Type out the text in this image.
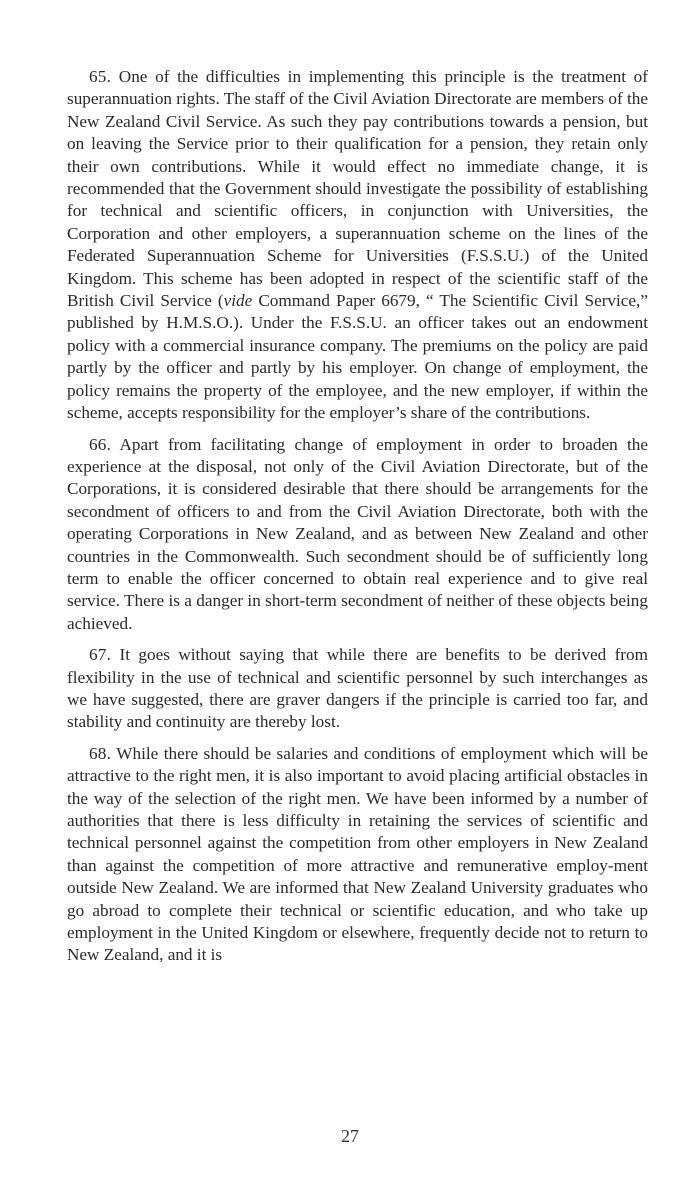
65. One of the difficulties in implementing this principle is the treatment of superannuation rights. The staff of the Civil Aviation Directorate are members of the New Zealand Civil Service. As such they pay contributions towards a pension, but on leaving the Service prior to their qualification for a pension, they retain only their own contributions. While it would effect no immediate change, it is recommended that the Government should investigate the possibility of establishing for technical and scientific officers, in conjunction with Universities, the Corporation and other employers, a superannuation scheme on the lines of the Federated Superannuation Scheme for Universities (F.S.S.U.) of the United Kingdom. This scheme has been adopted in respect of the scientific staff of the British Civil Service (vide Command Paper 6679, “ The Scientific Civil Service,” published by H.M.S.O.). Under the F.S.S.U. an officer takes out an endowment policy with a commercial insurance company. The premiums on the policy are paid partly by the officer and partly by his employer. On change of employment, the policy remains the property of the employee, and the new employer, if within the scheme, accepts responsibility for the employer’s share of the contributions.

66. Apart from facilitating change of employment in order to broaden the experience at the disposal, not only of the Civil Aviation Directorate, but of the Corporations, it is considered desirable that there should be arrangements for the secondment of officers to and from the Civil Aviation Directorate, both with the operating Corporations in New Zealand, and as between New Zealand and other countries in the Commonwealth. Such secondment should be of sufficiently long term to enable the officer concerned to obtain real experience and to give real service. There is a danger in short-term secondment of neither of these objects being achieved.

67. It goes without saying that while there are benefits to be derived from flexibility in the use of technical and scientific personnel by such interchanges as we have suggested, there are graver dangers if the principle is carried too far, and stability and continuity are thereby lost.

68. While there should be salaries and conditions of employment which will be attractive to the right men, it is also important to avoid placing artificial obstacles in the way of the selection of the right men. We have been informed by a number of authorities that there is less difficulty in retaining the services of scientific and technical personnel against the competition from other employers in New Zealand than against the competition of more attractive and remunerative employ-ment outside New Zealand. We are informed that New Zealand University graduates who go abroad to complete their technical or scientific education, and who take up employment in the United Kingdom or elsewhere, frequently decide not to return to New Zealand, and it is

27
